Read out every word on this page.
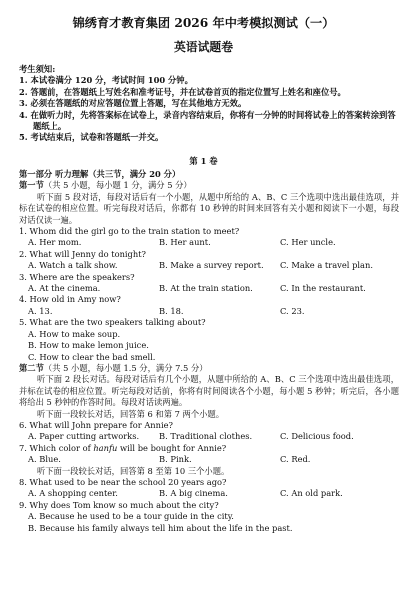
锦绣育才教育集团 2026 年中考模拟测试（一）
英语试题卷
考生须知:
1. 本试卷满分 120 分，考试时间 100 分钟。
2. 答题前，在答题纸上写姓名和准考证号，并在试卷首页的指定位置写上姓名和座位号。
3. 必须在答题纸的对应答题位置上答题，写在其他地方无效。
4. 在做听力时，先将答案标在试卷上，录音内容结束后，你将有一分钟的时间将试卷上的答案转涂到答题纸上。
5. 考试结束后，试卷和答题纸一并交。
第 1 卷
第一部分 听力理解（共三节，满分 20 分）
第一节（共 5 小题，每小题 1 分，满分 5 分）
听下面 5 段对话，每段对话后有一个小题，从题中所给的 A、B、C 三个选项中选出最佳选项，并标在试卷的相应位置。听完每段对话后，你都有 10 秒钟的时间来回答有关小题和阅读下一小题，每段对话仅读一遍。
1. Whom did the girl go to the train station to meet?
A. Her mom.	B. Her aunt.	C. Her uncle.
2. What will Jenny do tonight?
A. Watch a talk show.	B. Make a survey report.	C. Make a travel plan.
3. Where are the speakers?
A. At the cinema.	B. At the train station.	C. In the restaurant.
4. How old in Amy now?
A. 13.	B. 18.	C. 23.
5. What are the two speakers talking about?
A. How to make soup.
B. How to make lemon juice.
C. How to clear the bad smell.
第二节（共 5 小题，每小题 1.5 分，满分 7.5 分）
听下面 2 段长对话。每段对话后有几个小题，从题中所给的 A、B、C 三个选项中选出最佳选项，并标在试卷的相应位置。听完每段对话前，你将有时间阅读各个小题，每小题 5 秒钟；听完后，各小题将给出 5 秒钟的作答时间。每段对话读两遍。
听下面一段较长对话，回答第 6 和第 7 两个小题。
6. What will John prepare for Annie?
A. Paper cutting artworks.	B. Traditional clothes.	C. Delicious food.
7. Which color of hanfu will be bought for Annie?
A. Blue.	B. Pink.	C. Red.
听下面一段较长对话，回答第 8 至第 10 三个小题。
8. What used to be near the school 20 years ago?
A. A shopping center.	B. A big cinema.	C. An old park.
9. Why does Tom know so much about the city?
A. Because he used to be a tour guide in the city.
B. Because his family always tell him about the life in the past.
